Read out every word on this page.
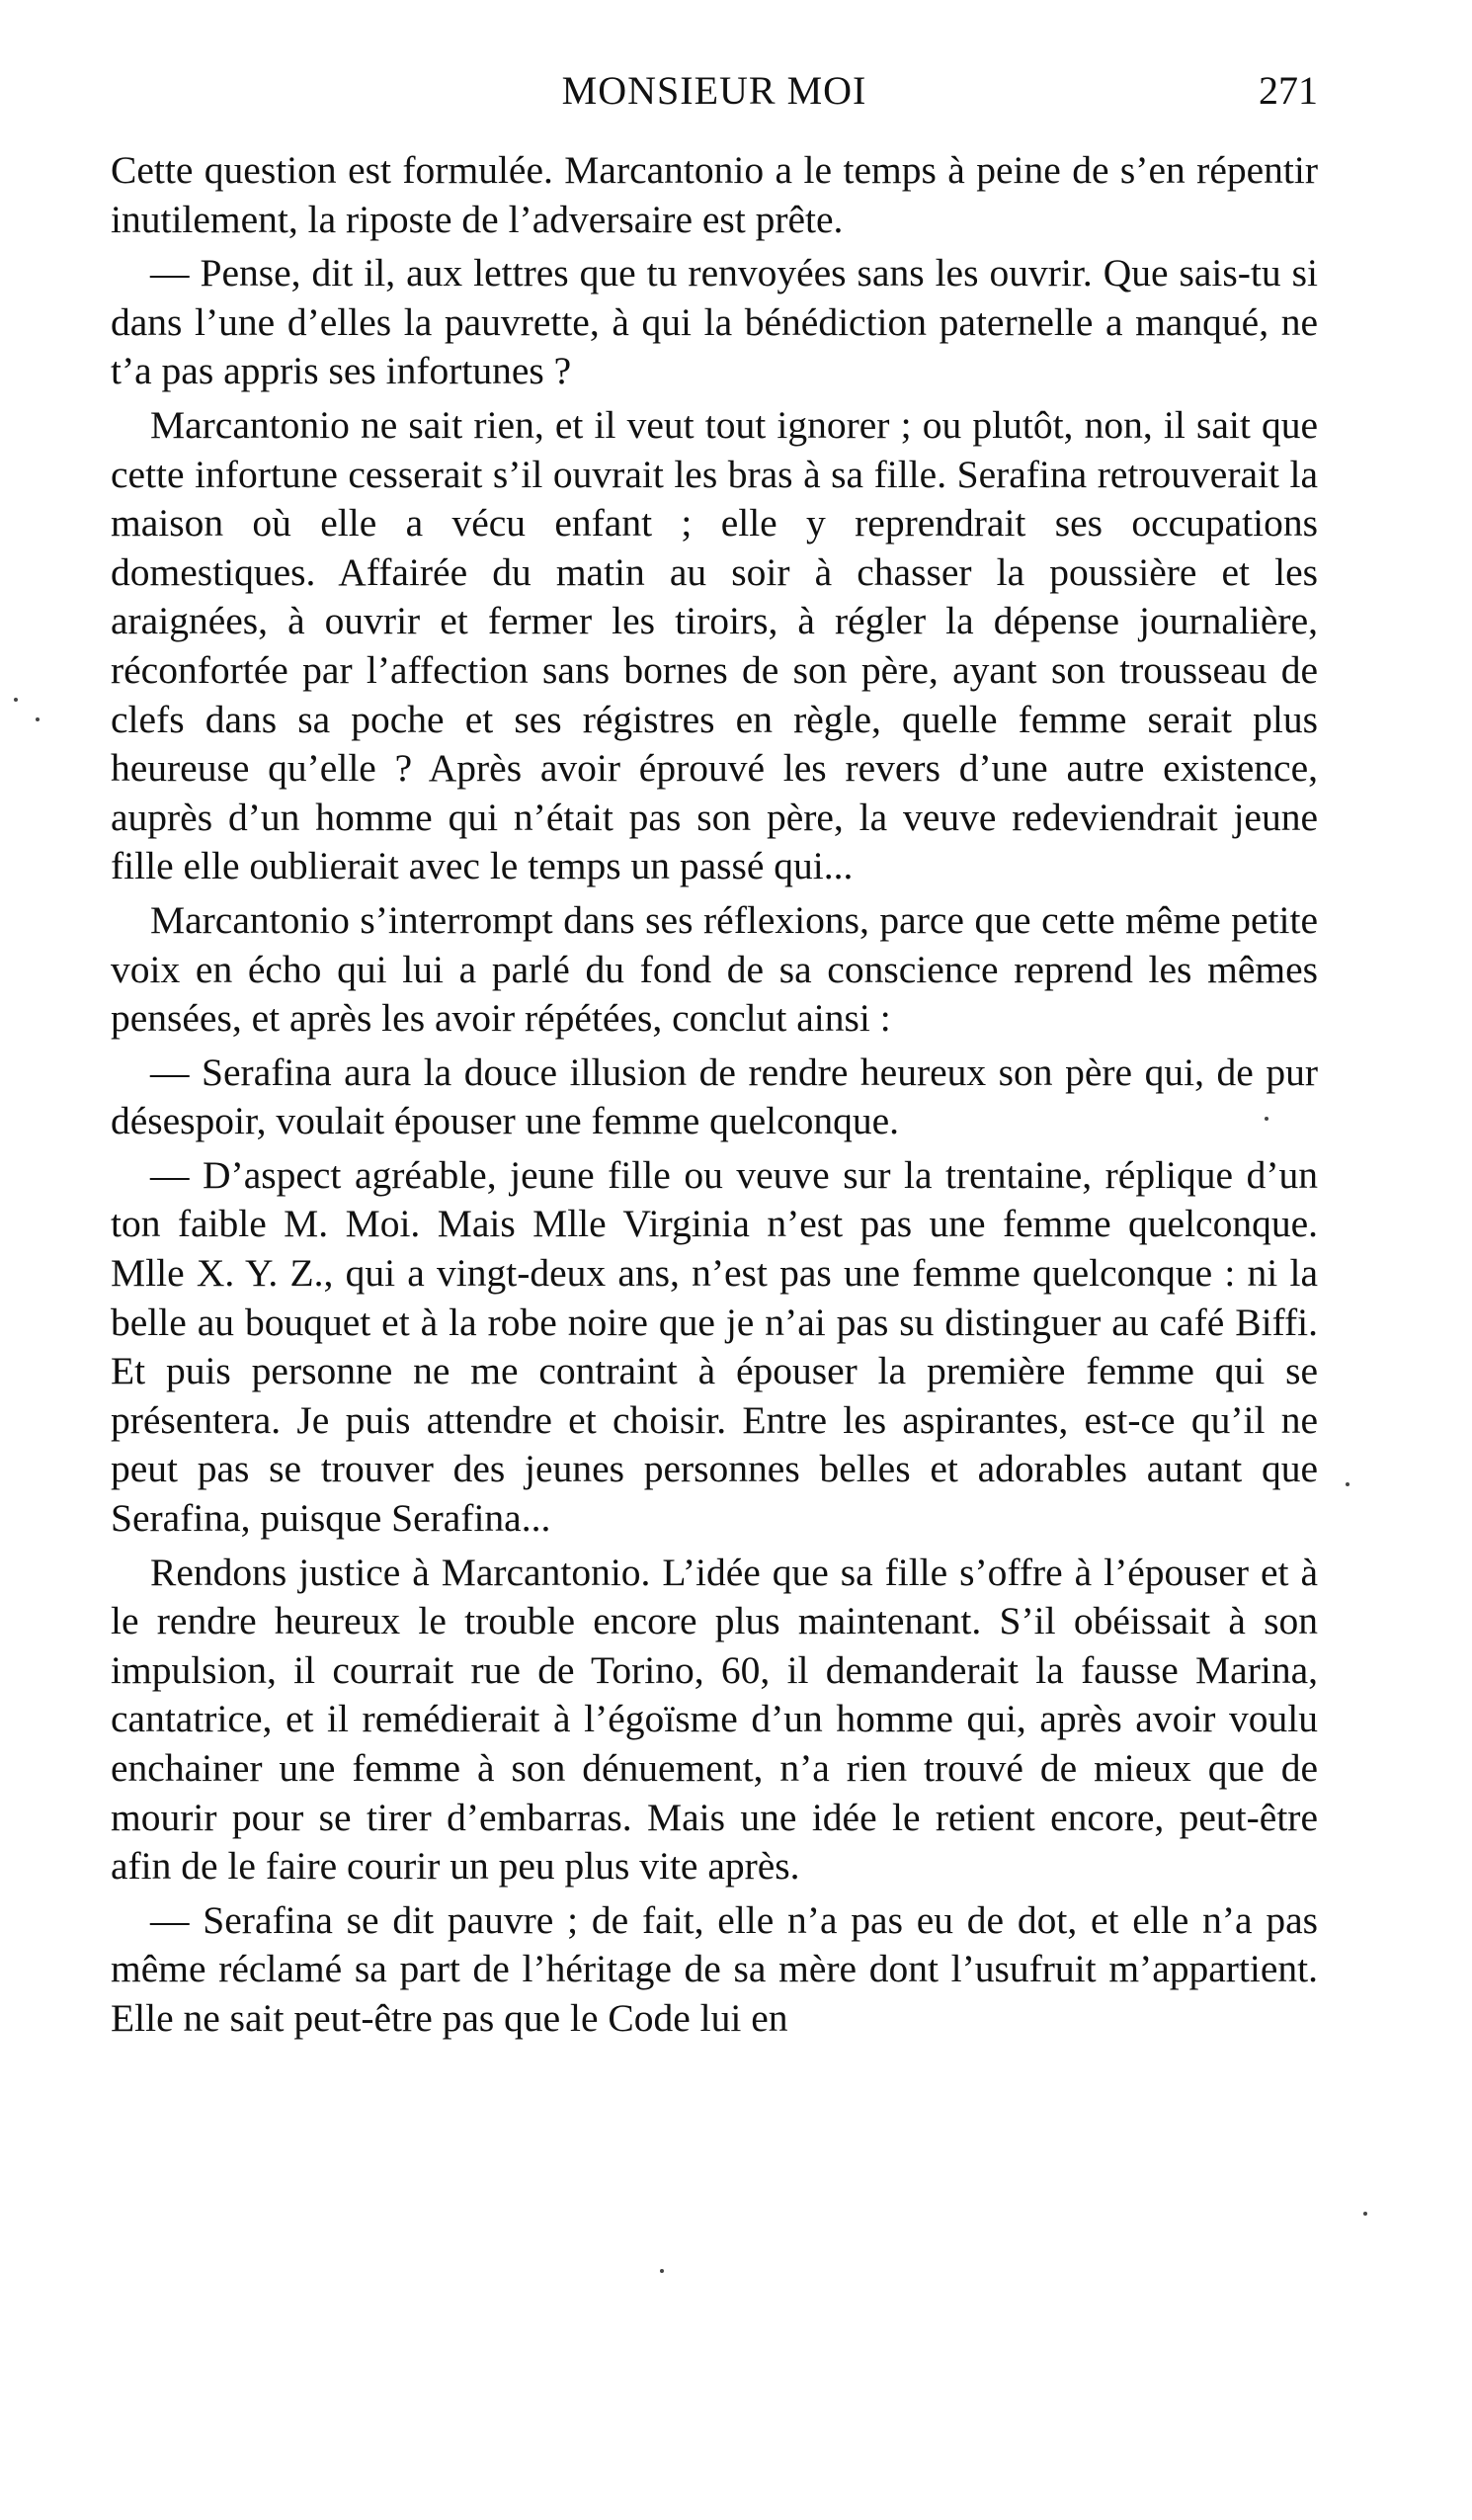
MONSIEUR MOI	271

Cette question est formulée. Marcantonio a le temps à peine de s’en répentir inutilement, la riposte de l’adversaire est prête.

— Pense, dit il, aux lettres que tu renvoyées sans les ouvrir. Que sais-tu si dans l’une d’elles la pauvrette, à qui la bénédiction paternelle a manqué, ne t’a pas appris ses infortunes ?

Marcantonio ne sait rien, et il veut tout ignorer ; ou plutôt, non, il sait que cette infortune cesserait s’il ouvrait les bras à sa fille. Serafina retrouverait la maison où elle a vécu enfant ; elle y reprendrait ses occupations domestiques. Affairée du matin au soir à chasser la poussière et les araignées, à ouvrir et fermer les tiroirs, à régler la dépense journalière, réconfortée par l’affection sans bornes de son père, ayant son trousseau de clefs dans sa poche et ses régistres en règle, quelle femme serait plus heureuse qu’elle ? Après avoir éprouvé les revers d’une autre existence, auprès d’un homme qui n’était pas son père, la veuve redeviendrait jeune fille elle oublierait avec le temps un passé qui...

Marcantonio s’interrompt dans ses réflexions, parce que cette même petite voix en écho qui lui a parlé du fond de sa conscience reprend les mêmes pensées, et après les avoir répétées, conclut ainsi :

— Serafina aura la douce illusion de rendre heureux son père qui, de pur désespoir, voulait épouser une femme quelconque.

— D’aspect agréable, jeune fille ou veuve sur la trentaine, réplique d’un ton faible M. Moi. Mais Mlle Virginia n’est pas une femme quelconque. Mlle X. Y. Z., qui a vingt-deux ans, n’est pas une femme quelconque : ni la belle au bouquet et à la robe noire que je n’ai pas su distinguer au café Biffi. Et puis personne ne me contraint à épouser la première femme qui se présentera. Je puis attendre et choisir. Entre les aspirantes, est-ce qu’il ne peut pas se trouver des jeunes personnes belles et adorables autant que Serafina, puisque Serafina...

Rendons justice à Marcantonio. L’idée que sa fille s’offre à l’épouser et à le rendre heureux le trouble encore plus maintenant. S’il obéissait à son impulsion, il courrait rue de Torino, 60, il demanderait la fausse Marina, cantatrice, et il remédierait à l’égoïsme d’un homme qui, après avoir voulu enchainer une femme à son dénuement, n’a rien trouvé de mieux que de mourir pour se tirer d’embarras. Mais une idée le retient encore, peut-être afin de le faire courir un peu plus vite après.

— Serafina se dit pauvre ; de fait, elle n’a pas eu de dot, et elle n’a pas même réclamé sa part de l’héritage de sa mère dont l’usufruit m’appartient. Elle ne sait peut-être pas que le Code lui en
